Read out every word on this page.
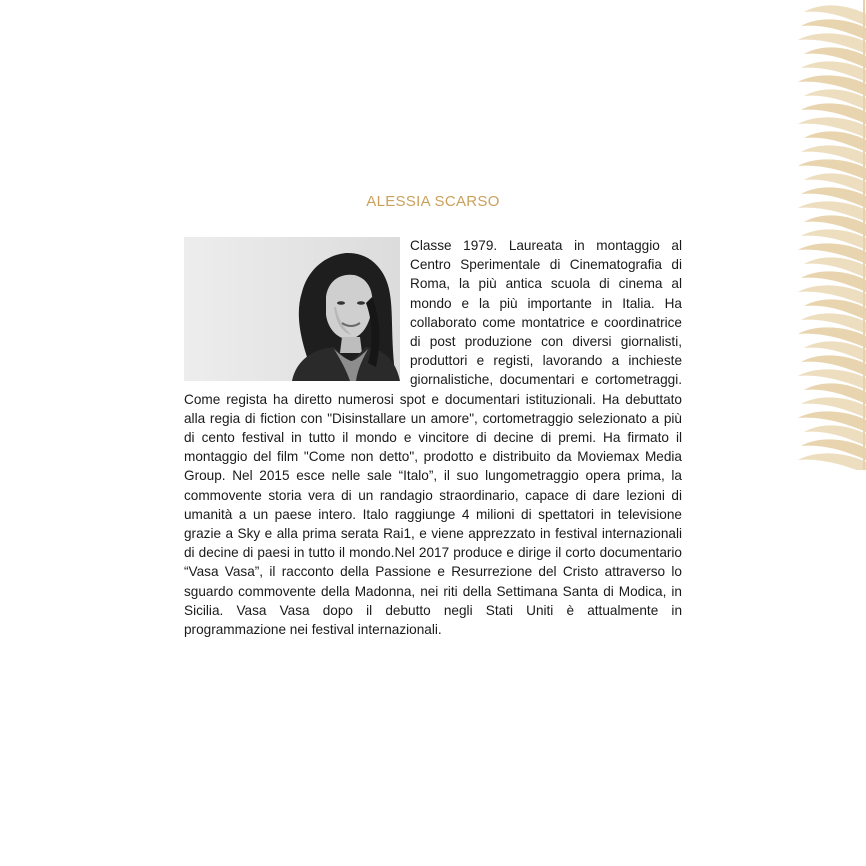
ALESSIA SCARSO
Classe 1979. Laureata in montaggio al Centro Sperimentale di Cinematografia di Roma, la più antica scuola di cinema al mondo e la più importante in Italia. Ha collaborato come montatrice e coordinatrice di post produzione con diversi giornalisti, produttori e registi, lavorando a inchieste giornalistiche, documentari e cortometraggi. Come regista ha diretto numerosi spot e documentari istituzionali. Ha debuttato alla regia di fiction con "Disinstallare un amore", cortometraggio selezionato a più di cento festival in tutto il mondo e vincitore di decine di premi. Ha firmato il montaggio del film "Come non detto", prodotto e distribuito da Moviemax Media Group. Nel 2015 esce nelle sale “Italo”, il suo lungometraggio opera prima, la commovente storia vera di un randagio straordinario, capace di dare lezioni di umanità a un paese intero. Italo raggiunge 4 milioni di spettatori in televisione grazie a Sky e alla prima serata Rai1, e viene apprezzato in festival internazionali di decine di paesi in tutto il mondo.Nel 2017 produce e dirige il corto documentario “Vasa Vasa”, il racconto della Passione e Resurrezione del Cristo attraverso lo sguardo commovente della Madonna, nei riti della Settimana Santa di Modica, in Sicilia. Vasa Vasa dopo il debutto negli Stati Uniti è attualmente in programmazione nei festival internazionali.
